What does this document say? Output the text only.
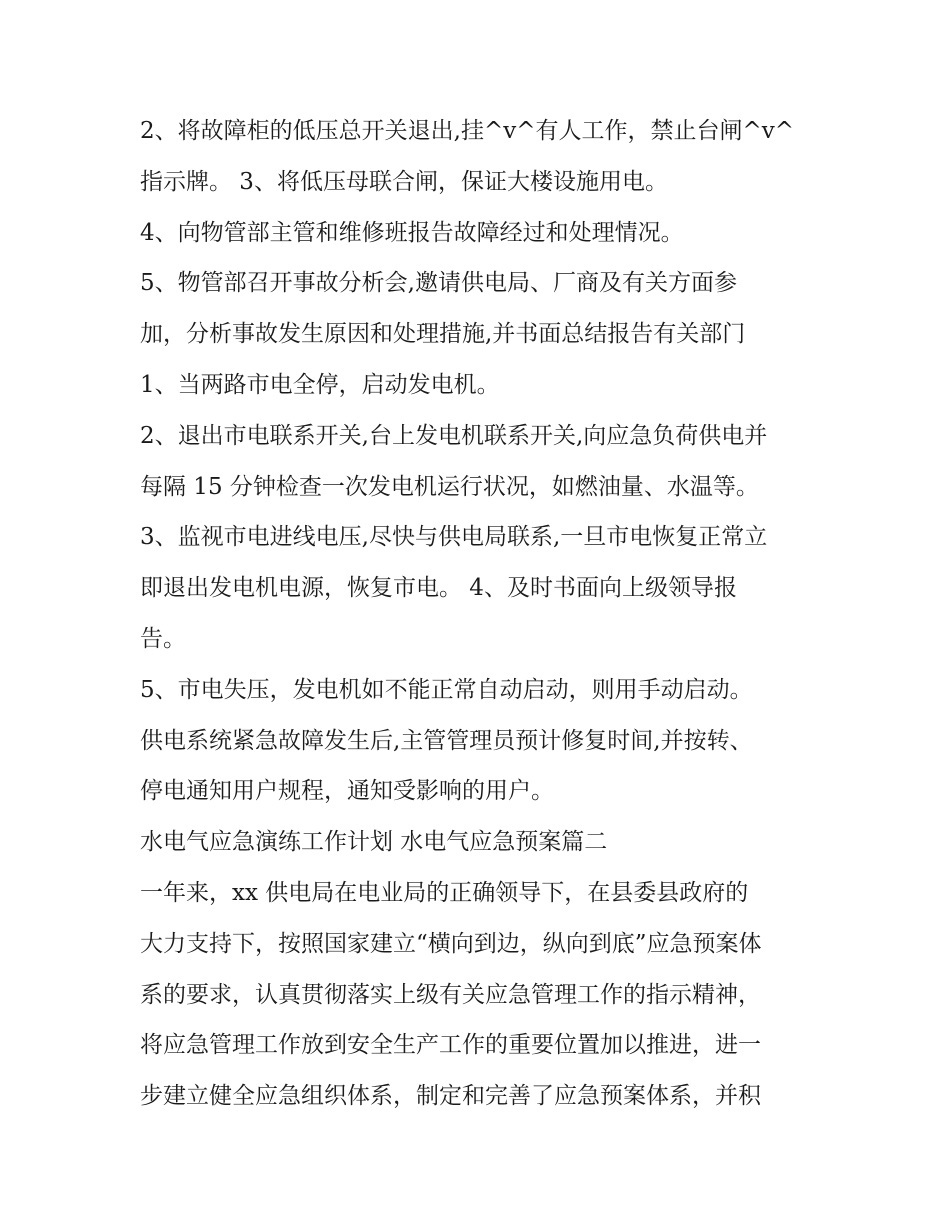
2、将故障柜的低压总开关退出,挂^v^有人工作，禁止台闸^v^
指示牌。 3、将低压母联合闸，保证大楼设施用电。
4、向物管部主管和维修班报告故障经过和处理情况。
5、物管部召开事故分析会,邀请供电局、厂商及有关方面参
加，分析事故发生原因和处理措施,并书面总结报告有关部门
1、当两路市电全停，启动发电机。
2、退出市电联系开关,台上发电机联系开关,向应急负荷供电并
每隔 15 分钟检查一次发电机运行状况，如燃油量、水温等。
3、监视市电进线电压,尽快与供电局联系,一旦市电恢复正常立
即退出发电机电源，恢复市电。 4、及时书面向上级领导报
告。
5、市电失压，发电机如不能正常自动启动，则用手动启动。
供电系统紧急故障发生后,主管管理员预计修复时间,并按转、
停电通知用户规程，通知受影响的用户。
水电气应急演练工作计划 水电气应急预案篇二
一年来，xx 供电局在电业局的正确领导下，在县委县政府的
大力支持下，按照国家建立“横向到边，纵向到底”应急预案体
系的要求，认真贯彻落实上级有关应急管理工作的指示精神，
将应急管理工作放到安全生产工作的重要位置加以推进，进一
步建立健全应急组织体系，制定和完善了应急预案体系，并积
